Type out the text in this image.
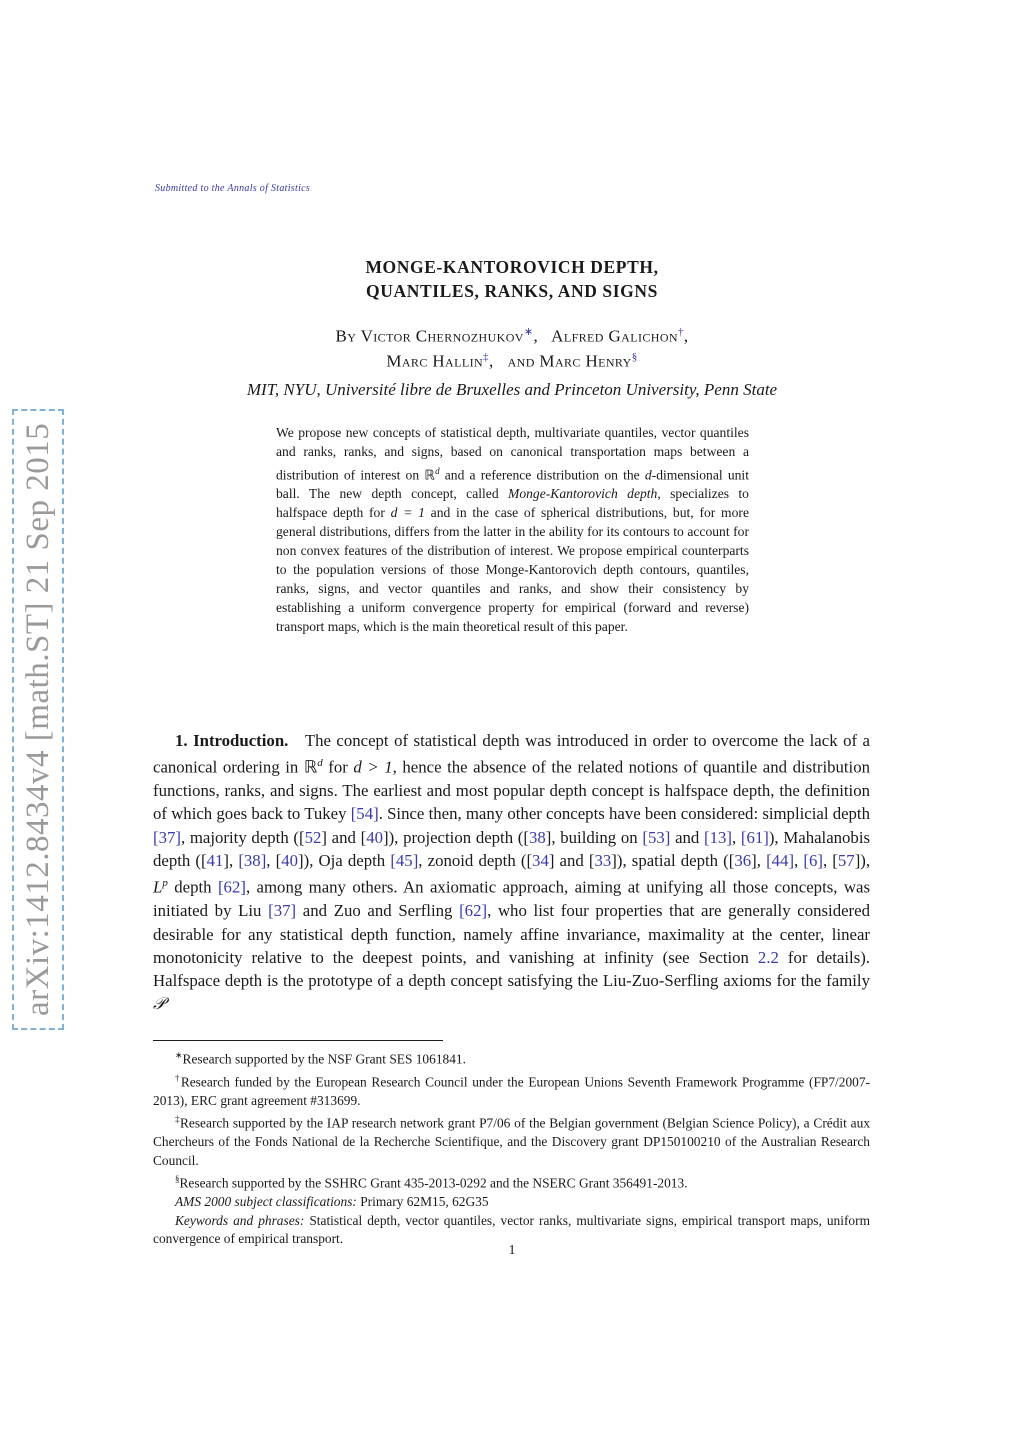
arXiv:1412.8434v4 [math.ST] 21 Sep 2015
Submitted to the Annals of Statistics
MONGE-KANTOROVICH DEPTH,
QUANTILES, RANKS, AND SIGNS
By Victor Chernozhukov∗,   Alfred Galichon†,
Marc Hallin‡,   and Marc Henry§
MIT, NYU, Université libre de Bruxelles and Princeton University, Penn State
We propose new concepts of statistical depth, multivariate quantiles, vector quantiles and ranks, ranks, and signs, based on canonical transportation maps between a distribution of interest on ℝ$^d$ and a reference distribution on the d-dimensional unit ball. The new depth concept, called Monge-Kantorovich depth, specializes to halfspace depth for d = 1 and in the case of spherical distributions, but, for more general distributions, differs from the latter in the ability for its contours to account for non convex features of the distribution of interest. We propose empirical counterparts to the population versions of those Monge-Kantorovich depth contours, quantiles, ranks, signs, and vector quantiles and ranks, and show their consistency by establishing a uniform convergence property for empirical (forward and reverse) transport maps, which is the main theoretical result of this paper.
1. Introduction. The concept of statistical depth was introduced in order to overcome the lack of a canonical ordering in ℝ$^d$ for d > 1, hence the absence of the related notions of quantile and distribution functions, ranks, and signs. The earliest and most popular depth concept is halfspace depth, the definition of which goes back to Tukey [54]. Since then, many other concepts have been considered: simplicial depth [37], majority depth ([52] and [40]), projection depth ([38], building on [53] and [13], [61]), Mahalanobis depth ([41], [38], [40]), Oja depth [45], zonoid depth ([34] and [33]), spatial depth ([36], [44], [6], [57]), $L^p$ depth [62], among many others. An axiomatic approach, aiming at unifying all those concepts, was initiated by Liu [37] and Zuo and Serfling [62], who list four properties that are generally considered desirable for any statistical depth function, namely affine invariance, maximality at the center, linear monotonicity relative to the deepest points, and vanishing at infinity (see Section 2.2 for details). Halfspace depth is the prototype of a depth concept satisfying the Liu-Zuo-Serfling axioms for the family 𝒫

∗Research supported by the NSF Grant SES 1061841.

†Research funded by the European Research Council under the European Unions Seventh Framework Programme (FP7/2007-2013), ERC grant agreement #313699.

‡Research supported by the IAP research network grant P7/06 of the Belgian government (Belgian Science Policy), a Crédit aux Chercheurs of the Fonds National de la Recherche Scientifique, and the Discovery grant DP150100210 of the Australian Research Council.

§Research supported by the SSHRC Grant 435-2013-0292 and the NSERC Grant 356491-2013.

AMS 2000 subject classifications: Primary 62M15, 62G35

Keywords and phrases: Statistical depth, vector quantiles, vector ranks, multivariate signs, empirical transport maps, uniform convergence of empirical transport.

1
